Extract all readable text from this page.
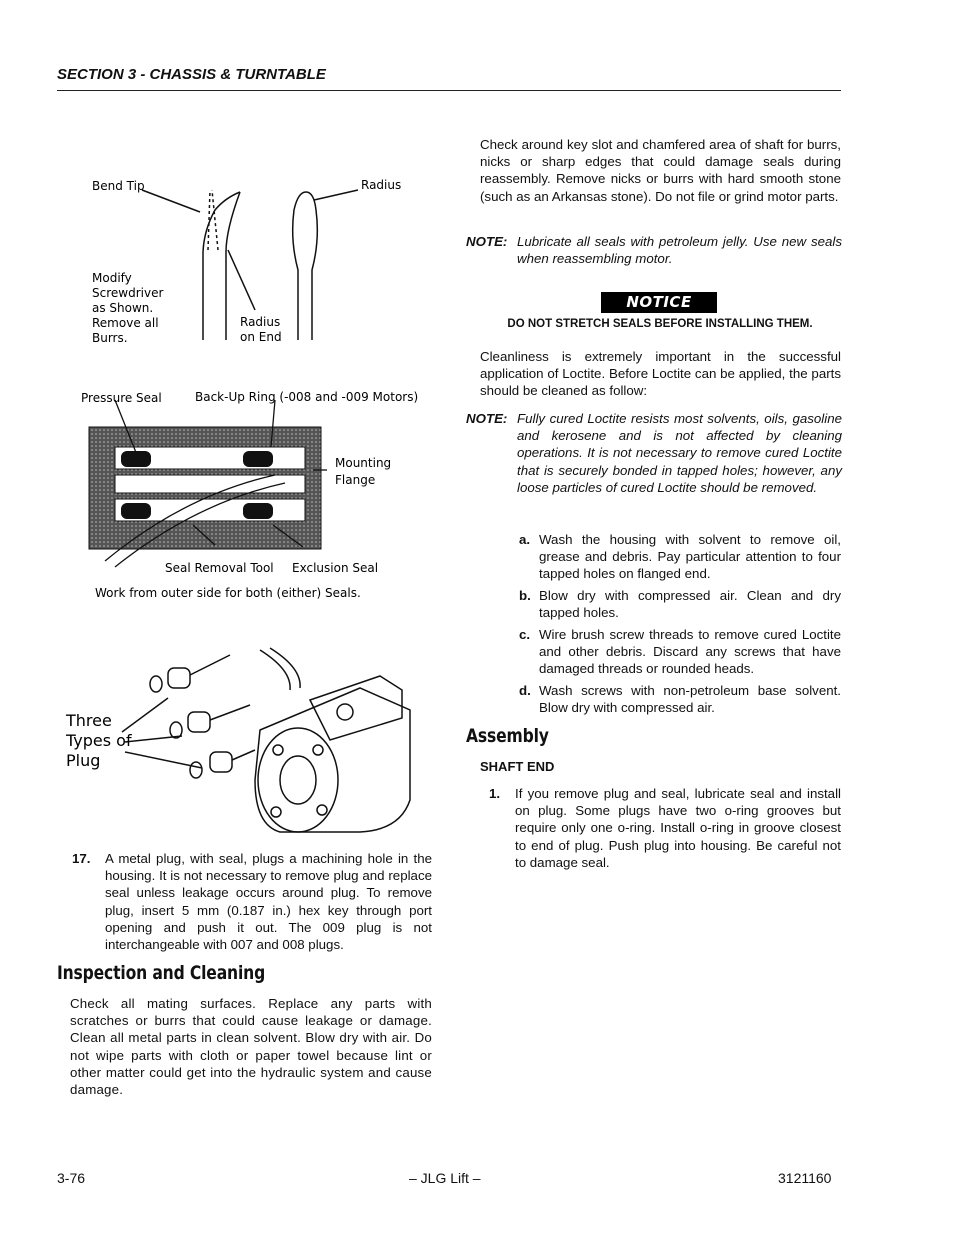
SECTION 3 - CHASSIS & TURNTABLE
Bend Tip	Radius
Modify
Screwdriver
as Shown.
Remove all
Burrs.
Radius
on End
Pressure Seal	Back-Up Ring (-008 and -009 Motors)
Mounting
Flange
Seal Removal Tool Exclusion Seal
Work from outer side for both (either) Seals.
Three
Types of
Plug
17. A metal plug, with seal, plugs a machining hole in the housing. It is not necessary to remove plug and replace seal unless leakage occurs around plug. To remove plug, insert 5 mm (0.187 in.) hex key through port opening and push it out. The 009 plug is not interchangeable with 007 and 008 plugs.
Inspection and Cleaning
Check all mating surfaces. Replace any parts with scratches or burrs that could cause leakage or damage. Clean all metal parts in clean solvent. Blow dry with air. Do not wipe parts with cloth or paper towel because lint or other matter could get into the hydraulic system and cause damage.
Check around key slot and chamfered area of shaft for burrs, nicks or sharp edges that could damage seals during reassembly. Remove nicks or burrs with hard smooth stone (such as an Arkansas stone). Do not file or grind motor parts.
NOTE: Lubricate all seals with petroleum jelly. Use new seals when reassembling motor.
NOTICE
DO NOT STRETCH SEALS BEFORE INSTALLING THEM.
Cleanliness is extremely important in the successful application of Loctite. Before Loctite can be applied, the parts should be cleaned as follow:
NOTE: Fully cured Loctite resists most solvents, oils, gasoline and kerosene and is not affected by cleaning operations. It is not necessary to remove cured Loctite that is securely bonded in tapped holes; however, any loose particles of cured Loctite should be removed.
a. Wash the housing with solvent to remove oil, grease and debris. Pay particular attention to four tapped holes on flanged end.
b. Blow dry with compressed air. Clean and dry tapped holes.
c. Wire brush screw threads to remove cured Loctite and other debris. Discard any screws that have damaged threads or rounded heads.
d. Wash screws with non-petroleum base solvent. Blow dry with compressed air.
Assembly
SHAFT END
1. If you remove plug and seal, lubricate seal and install on plug. Some plugs have two o-ring grooves but require only one o-ring. Install o-ring in groove closest to end of plug. Push plug into housing. Be careful not to damage seal.
3-76	– JLG Lift –	3121160
